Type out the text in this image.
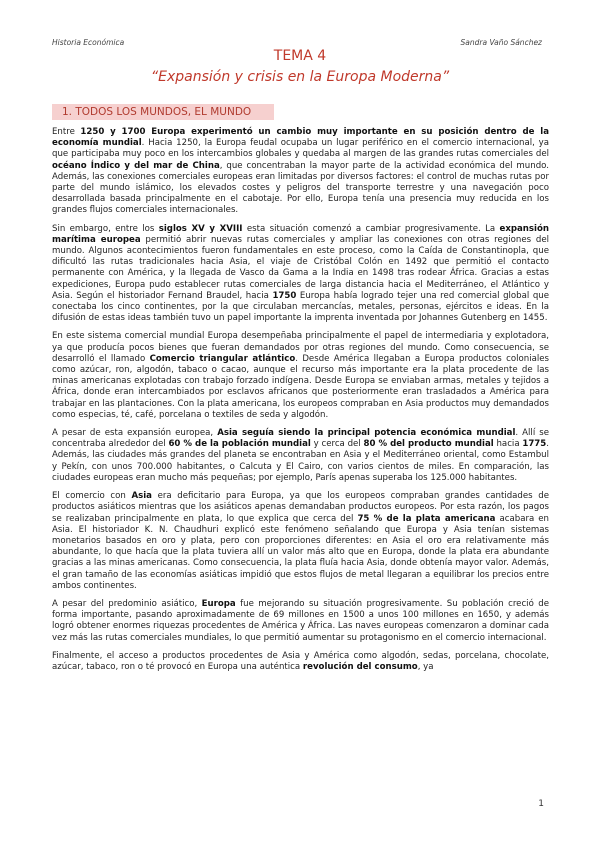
Historia Económica	Sandra Vaño Sánchez
TEMA 4
“Expansión y crisis en la Europa Moderna”
1. TODOS LOS MUNDOS, EL MUNDO

Entre 1250 y 1700 Europa experimentó un cambio muy importante en su posición dentro de la economía mundial. Hacia 1250, la Europa feudal ocupaba un lugar periférico en el comercio internacional, ya que participaba muy poco en los intercambios globales y quedaba al margen de las grandes rutas comerciales del océano Índico y del mar de China, que concentraban la mayor parte de la actividad económica del mundo. Además, las conexiones comerciales europeas eran limitadas por diversos factores: el control de muchas rutas por parte del mundo islámico, los elevados costes y peligros del transporte terrestre y una navegación poco desarrollada basada principalmente en el cabotaje. Por ello, Europa tenía una presencia muy reducida en los grandes flujos comerciales internacionales.

Sin embargo, entre los siglos XV y XVIII esta situación comenzó a cambiar progresivamente. La expansión marítima europea permitió abrir nuevas rutas comerciales y ampliar las conexiones con otras regiones del mundo. Algunos acontecimientos fueron fundamentales en este proceso, como la Caída de Constantinopla, que dificultó las rutas tradicionales hacia Asia, el viaje de Cristóbal Colón en 1492 que permitió el contacto permanente con América, y la llegada de Vasco da Gama a la India en 1498 tras rodear África. Gracias a estas expediciones, Europa pudo establecer rutas comerciales de larga distancia hacia el Mediterráneo, el Atlántico y Asia. Según el historiador Fernand Braudel, hacia 1750 Europa había logrado tejer una red comercial global que conectaba los cinco continentes, por la que circulaban mercancías, metales, personas, ejércitos e ideas. En la difusión de estas ideas también tuvo un papel importante la imprenta inventada por Johannes Gutenberg en 1455.

En este sistema comercial mundial Europa desempeñaba principalmente el papel de intermediaria y explotadora, ya que producía pocos bienes que fueran demandados por otras regiones del mundo. Como consecuencia, se desarrolló el llamado Comercio triangular atlántico. Desde América llegaban a Europa productos coloniales como azúcar, ron, algodón, tabaco o cacao, aunque el recurso más importante era la plata procedente de las minas americanas explotadas con trabajo forzado indígena. Desde Europa se enviaban armas, metales y tejidos a África, donde eran intercambiados por esclavos africanos que posteriormente eran trasladados a América para trabajar en las plantaciones. Con la plata americana, los europeos compraban en Asia productos muy demandados como especias, té, café, porcelana o textiles de seda y algodón.

A pesar de esta expansión europea, Asia seguía siendo la principal potencia económica mundial. Allí se concentraba alrededor del 60 % de la población mundial y cerca del 80 % del producto mundial hacia 1775. Además, las ciudades más grandes del planeta se encontraban en Asia y el Mediterráneo oriental, como Estambul y Pekín, con unos 700.000 habitantes, o Calcuta y El Cairo, con varios cientos de miles. En comparación, las ciudades europeas eran mucho más pequeñas; por ejemplo, París apenas superaba los 125.000 habitantes.

El comercio con Asia era deficitario para Europa, ya que los europeos compraban grandes cantidades de productos asiáticos mientras que los asiáticos apenas demandaban productos europeos. Por esta razón, los pagos se realizaban principalmente en plata, lo que explica que cerca del 75 % de la plata americana acabara en Asia. El historiador K. N. Chaudhuri explicó este fenómeno señalando que Europa y Asia tenían sistemas monetarios basados en oro y plata, pero con proporciones diferentes: en Asia el oro era relativamente más abundante, lo que hacía que la plata tuviera allí un valor más alto que en Europa, donde la plata era abundante gracias a las minas americanas. Como consecuencia, la plata fluía hacia Asia, donde obtenía mayor valor. Además, el gran tamaño de las economías asiáticas impidió que estos flujos de metal llegaran a equilibrar los precios entre ambos continentes.

A pesar del predominio asiático, Europa fue mejorando su situación progresivamente. Su población creció de forma importante, pasando aproximadamente de 69 millones en 1500 a unos 100 millones en 1650, y además logró obtener enormes riquezas procedentes de América y África. Las naves europeas comenzaron a dominar cada vez más las rutas comerciales mundiales, lo que permitió aumentar su protagonismo en el comercio internacional.

Finalmente, el acceso a productos procedentes de Asia y América como algodón, sedas, porcelana, chocolate, azúcar, tabaco, ron o té provocó en Europa una auténtica revolución del consumo, ya

1
